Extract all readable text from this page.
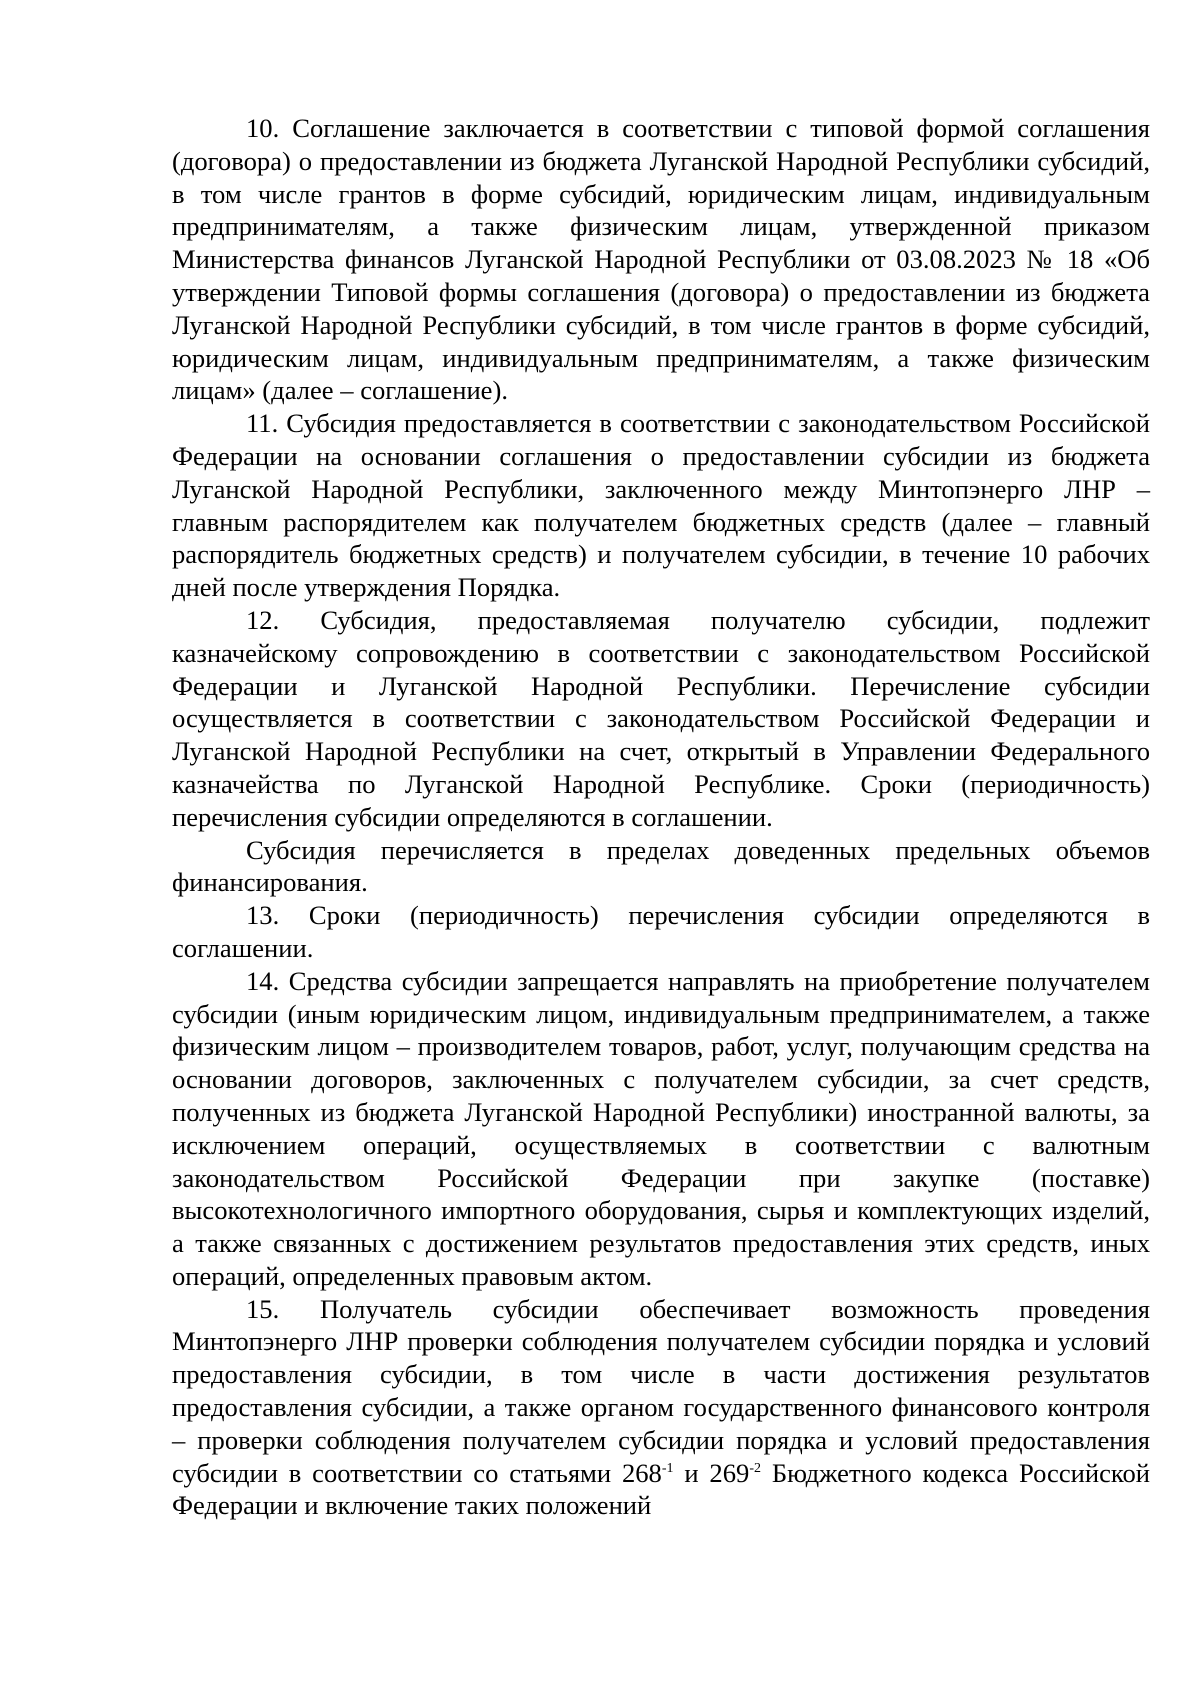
10. Соглашение заключается в соответствии с типовой формой соглашения (договора) о предоставлении из бюджета Луганской Народной Республики субсидий, в том числе грантов в форме субсидий, юридическим лицам, индивидуальным предпринимателям, а также физическим лицам, утвержденной приказом Министерства финансов Луганской Народной Республики от 03.08.2023 № 18 «Об утверждении Типовой формы соглашения (договора) о предоставлении из бюджета Луганской Народной Республики субсидий, в том числе грантов в форме субсидий, юридическим лицам, индивидуальным предпринимателям, а также физическим лицам» (далее – соглашение).

11. Субсидия предоставляется в соответствии с законодательством Российской Федерации на основании соглашения о предоставлении субсидии из бюджета Луганской Народной Республики, заключенного между Минтопэнерго ЛНР – главным распорядителем как получателем бюджетных средств (далее – главный распорядитель бюджетных средств) и получателем субсидии, в течение 10 рабочих дней после утверждения Порядка.

12. Субсидия, предоставляемая получателю субсидии, подлежит казначейскому сопровождению в соответствии с законодательством Российской Федерации и Луганской Народной Республики. Перечисление субсидии осуществляется в соответствии с законодательством Российской Федерации и Луганской Народной Республики на счет, открытый в Управлении Федерального казначейства по Луганской Народной Республике. Сроки (периодичность) перечисления субсидии определяются в соглашении.

Субсидия перечисляется в пределах доведенных предельных объемов финансирования.

13. Сроки (периодичность) перечисления субсидии определяются в соглашении.

14. Средства субсидии запрещается направлять на приобретение получателем субсидии (иным юридическим лицом, индивидуальным предпринимателем, а также физическим лицом – производителем товаров, работ, услуг, получающим средства на основании договоров, заключенных с получателем субсидии, за счет средств, полученных из бюджета Луганской Народной Республики) иностранной валюты, за исключением операций, осуществляемых в соответствии с валютным законодательством Российской Федерации при закупке (поставке) высокотехнологичного импортного оборудования, сырья и комплектующих изделий, а также связанных с достижением результатов предоставления этих средств, иных операций, определенных правовым актом.

15. Получатель субсидии обеспечивает возможность проведения Минтопэнерго ЛНР проверки соблюдения получателем субсидии порядка и условий предоставления субсидии, в том числе в части достижения результатов предоставления субсидии, а также органом государственного финансового контроля – проверки соблюдения получателем субсидии порядка и условий предоставления субсидии в соответствии со статьями $268^{-1}$ и $269^{-2}$ Бюджетного кодекса Российской Федерации и включение таких положений
